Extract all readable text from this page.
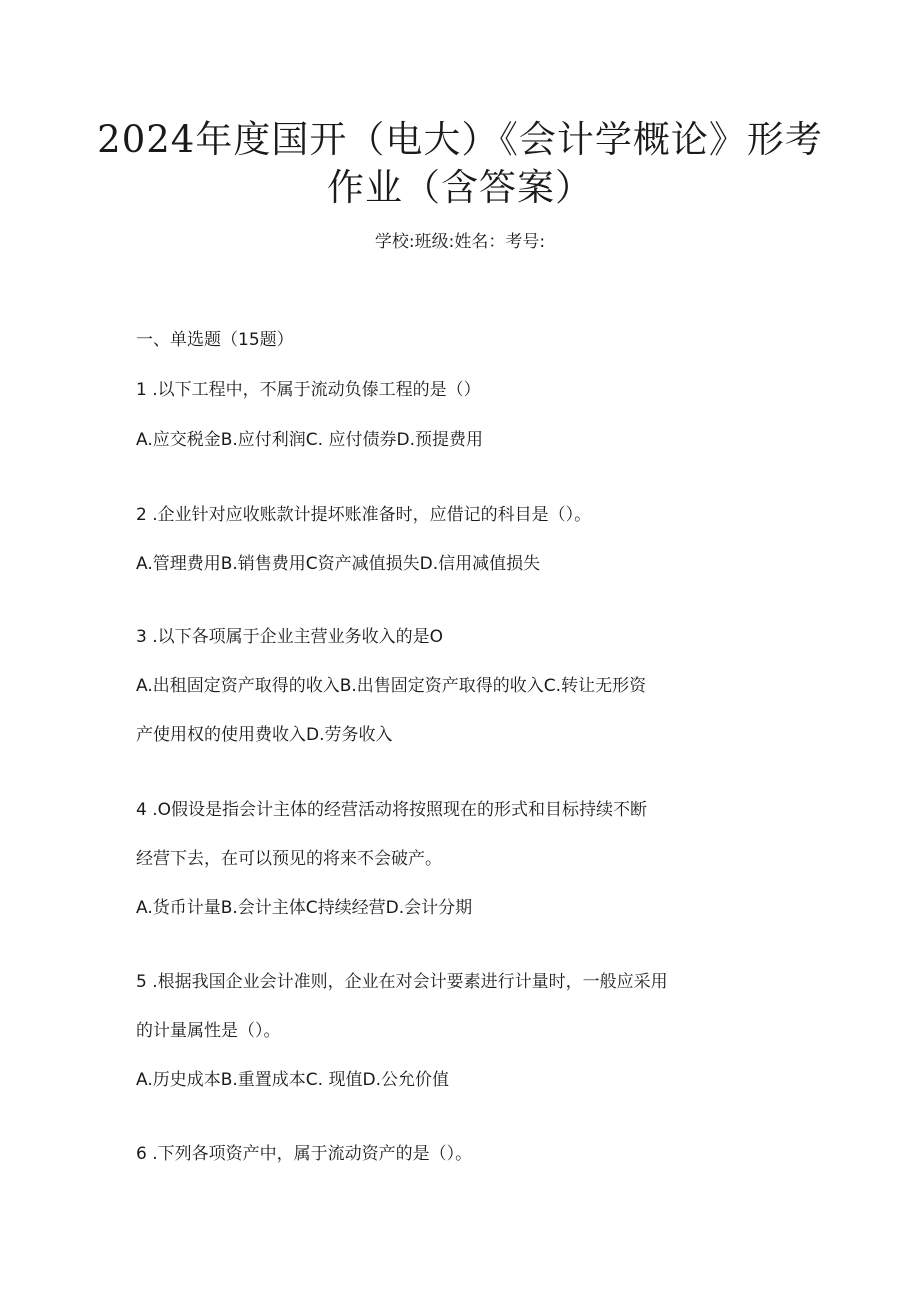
2024年度国开（电大）《会计学概论》形考
作业（含答案）
学校:班级:姓名：考号:
一、单选题（15题）
1 .以下工程中，不属于流动负傣工程的是（）
A.应交税金B.应付利润C. 应付债券D.预提费用
2 .企业针对应收账款计提坏账准备时，应借记的科目是（）。
A.管理费用B.销售费用C资产减值损失D.信用减值损失
3 .以下各项属于企业主营业务收入的是O
A.出租固定资产取得的收入B.出售固定资产取得的收入C.转让无形资
产使用权的使用费收入D.劳务收入
4 .O假设是指会计主体的经营活动将按照现在的形式和目标持续不断
经营下去，在可以预见的将来不会破产。
A.货币计量B.会计主体C持续经营D.会计分期
5 .根据我国企业会计准则，企业在对会计要素进行计量时，一般应采用
的计量属性是（）。
A.历史成本B.重置成本C. 现值D.公允价值
6 .下列各项资产中，属于流动资产的是（）。
